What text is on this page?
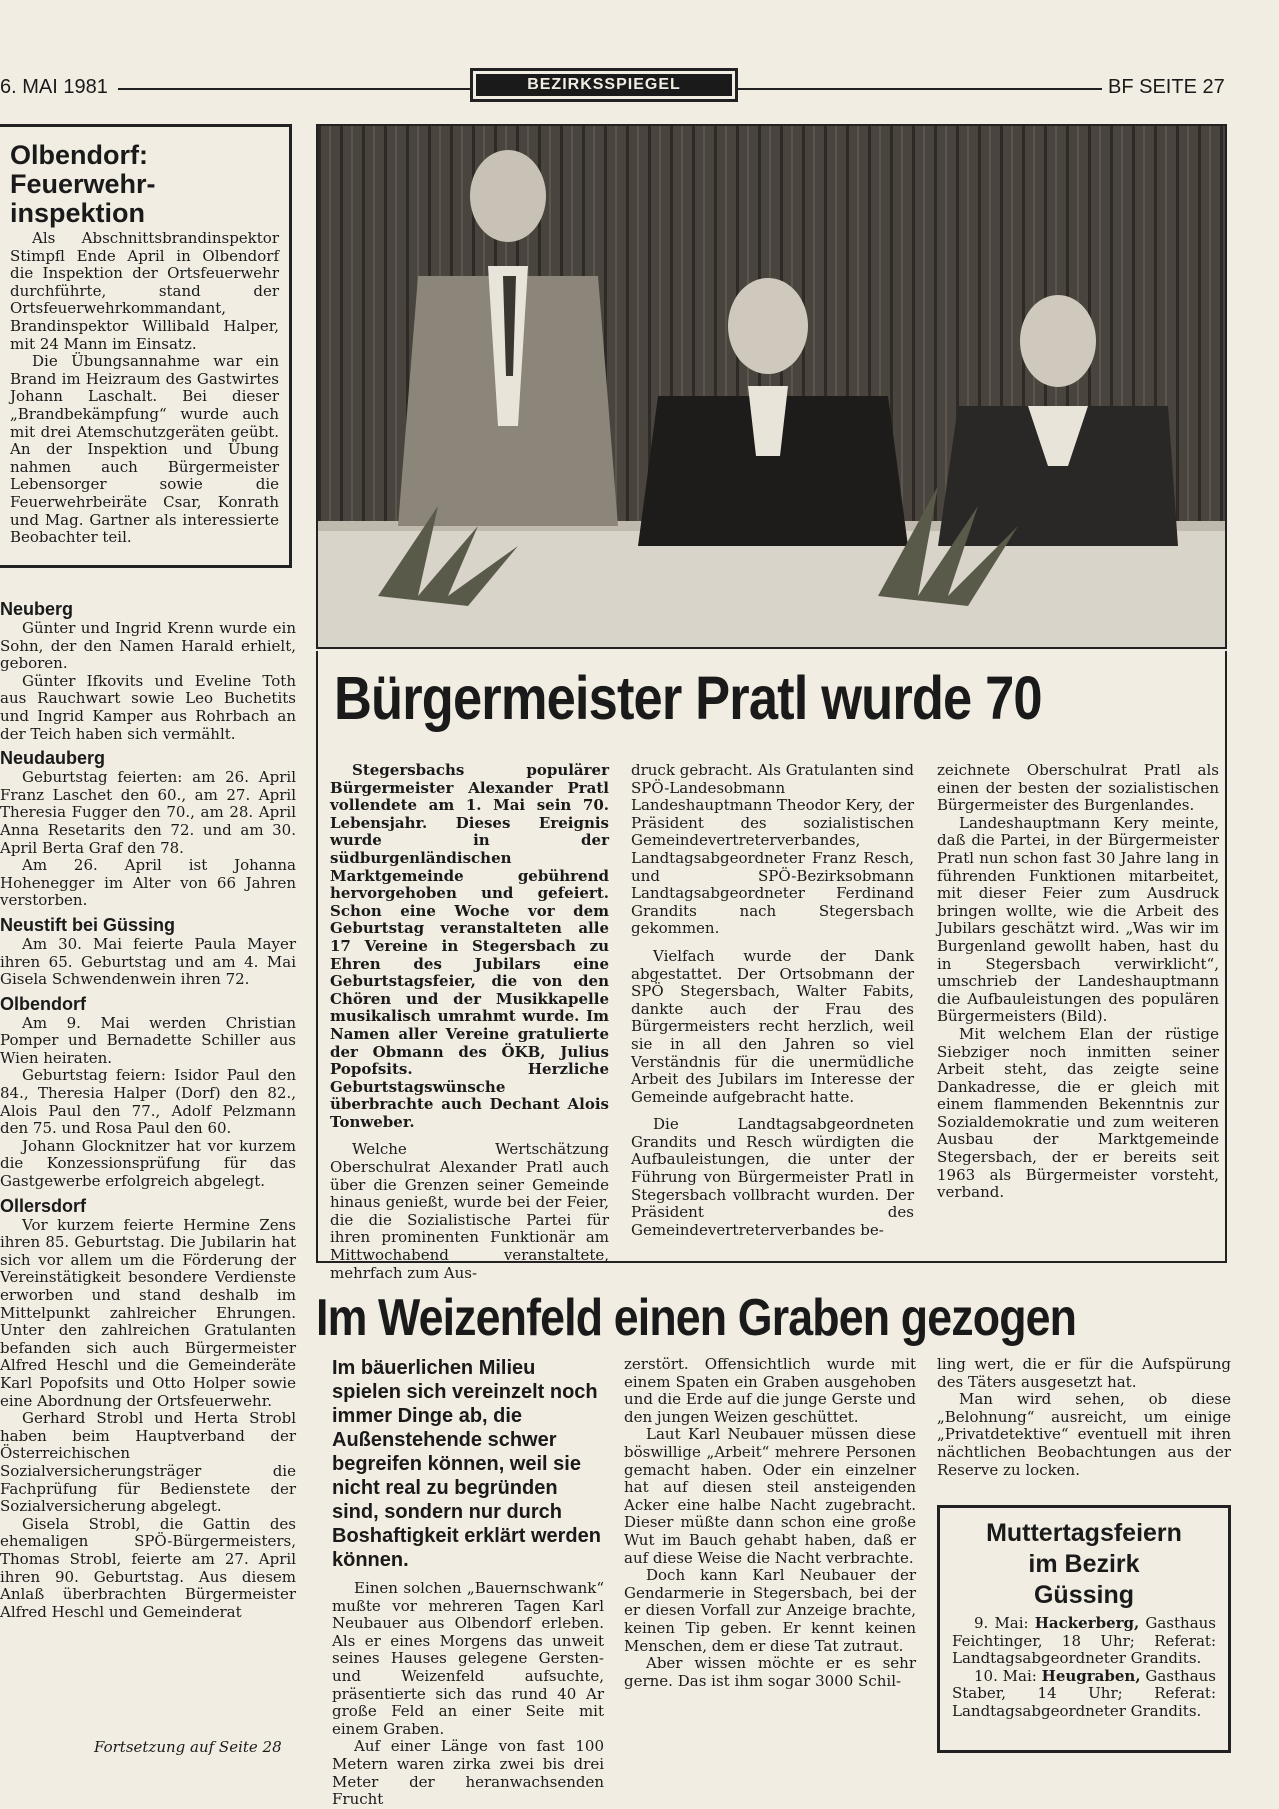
6. MAI 1981	BEZIRKSSPIEGEL	BF SEITE 27
Olbendorf:
Feuerwehr-
inspektion

Als Abschnittsbrandinspektor Stimpfl Ende April in Olbendorf die Inspektion der Ortsfeuerwehr durchführte, stand der Ortsfeuerwehrkommandant, Brandinspektor Willibald Halper, mit 24 Mann im Einsatz.

Die Übungsannahme war ein Brand im Heizraum des Gastwirtes Johann Laschalt. Bei dieser „Brandbekämpfung“ wurde auch mit drei Atemschutzgeräten geübt. An der Inspektion und Übung nahmen auch Bürgermeister Lebensorger sowie die Feuerwehrbeiräte Csar, Konrath und Mag. Gartner als interessierte Beobachter teil.

Neuberg

Günter und Ingrid Krenn wurde ein Sohn, der den Namen Harald erhielt, geboren.

Günter Ifkovits und Eveline Toth aus Rauchwart sowie Leo Buchetits und Ingrid Kamper aus Rohrbach an der Teich haben sich vermählt.

Neudauberg

Geburtstag feierten: am 26. April Franz Laschet den 60., am 27. April Theresia Fugger den 70., am 28. April Anna Resetarits den 72. und am 30. April Berta Graf den 78.

Am 26. April ist Johanna Hohenegger im Alter von 66 Jahren verstorben.

Neustift bei Güssing

Am 30. Mai feierte Paula Mayer ihren 65. Geburtstag und am 4. Mai Gisela Schwendenwein ihren 72.

Olbendorf

Am 9. Mai werden Christian Pomper und Bernadette Schiller aus Wien heiraten.

Geburtstag feiern: Isidor Paul den 84., Theresia Halper (Dorf) den 82., Alois Paul den 77., Adolf Pelzmann den 75. und Rosa Paul den 60.

Johann Glocknitzer hat vor kurzem die Konzessionsprüfung für das Gastgewerbe erfolgreich abgelegt.

Ollersdorf

Vor kurzem feierte Hermine Zens ihren 85. Geburtstag. Die Jubilarin hat sich vor allem um die Förderung der Vereinstätigkeit besondere Verdienste erworben und stand deshalb im Mittelpunkt zahlreicher Ehrungen. Unter den zahlreichen Gratulanten befanden sich auch Bürgermeister Alfred Heschl und die Gemeinderäte Karl Popofsits und Otto Holper sowie eine Abordnung der Ortsfeuerwehr.

Gerhard Strobl und Herta Strobl haben beim Hauptverband der Österreichischen Sozialversicherungsträger die Fachprüfung für Bedienstete der Sozialversicherung abgelegt.

Gisela Strobl, die Gattin des ehemaligen SPÖ-Bürgermeisters, Thomas Strobl, feierte am 27. April ihren 90. Geburtstag. Aus diesem Anlaß überbrachten Bürgermeister Alfred Heschl und Gemeinderat

Fortsetzung auf Seite 28
Bürgermeister Pratl wurde 70

Stegersbachs populärer Bürgermeister Alexander Pratl vollendete am 1. Mai sein 70. Lebensjahr. Dieses Ereignis wurde in der südburgenländischen Marktgemeinde gebührend hervorgehoben und gefeiert. Schon eine Woche vor dem Geburtstag veranstalteten alle 17 Vereine in Stegersbach zu Ehren des Jubilars eine Geburtstagsfeier, die von den Chören und der Musikkapelle musikalisch umrahmt wurde. Im Namen aller Vereine gratulierte der Obmann des ÖKB, Julius Popofsits. Herzliche Geburtstagswünsche überbrachte auch Dechant Alois Tonweber.

Welche Wertschätzung Oberschulrat Alexander Pratl auch über die Grenzen seiner Gemeinde hinaus genießt, wurde bei der Feier, die die Sozialistische Partei für ihren prominenten Funktionär am Mittwochabend veranstaltete, mehrfach zum Aus-

druck gebracht. Als Gratulanten sind SPÖ-Landesobmann Landeshauptmann Theodor Kery, der Präsident des sozialistischen Gemeindevertreterverbandes, Landtagsabgeordneter Franz Resch, und SPÖ-Bezirksobmann Landtagsabgeordneter Ferdinand Grandits nach Stegersbach gekommen.

Vielfach wurde der Dank abgestattet. Der Ortsobmann der SPÖ Stegersbach, Walter Fabits, dankte auch der Frau des Bürgermeisters recht herzlich, weil sie in all den Jahren so viel Verständnis für die unermüdliche Arbeit des Jubilars im Interesse der Gemeinde aufgebracht hatte.

Die Landtagsabgeordneten Grandits und Resch würdigten die Aufbauleistungen, die unter der Führung von Bürgermeister Pratl in Stegersbach vollbracht wurden. Der Präsident des Gemeindevertreterverbandes be-

zeichnete Oberschulrat Pratl als einen der besten der sozialistischen Bürgermeister des Burgenlandes.

Landeshauptmann Kery meinte, daß die Partei, in der Bürgermeister Pratl nun schon fast 30 Jahre lang in führenden Funktionen mitarbeitet, mit dieser Feier zum Ausdruck bringen wollte, wie die Arbeit des Jubilars geschätzt wird. „Was wir im Burgenland gewollt haben, hast du in Stegersbach verwirklicht“, umschrieb der Landeshauptmann die Aufbauleistungen des populären Bürgermeisters (Bild).

Mit welchem Elan der rüstige Siebziger noch inmitten seiner Arbeit steht, das zeigte seine Dankadresse, die er gleich mit einem flammenden Bekenntnis zur Sozialdemokratie und zum weiteren Ausbau der Marktgemeinde Stegersbach, der er bereits seit 1963 als Bürgermeister vorsteht, verband.

Im Weizenfeld einen Graben gezogen

Im bäuerlichen Milieu spielen sich vereinzelt noch immer Dinge ab, die Außenstehende schwer begreifen können, weil sie nicht real zu begründen sind, sondern nur durch Boshaftigkeit erklärt werden können.

Einen solchen „Bauernschwank“ mußte vor mehreren Tagen Karl Neubauer aus Olbendorf erleben. Als er eines Morgens das unweit seines Hauses gelegene Gersten- und Weizenfeld aufsuchte, präsentierte sich das rund 40 Ar große Feld an einer Seite mit einem Graben.

Auf einer Länge von fast 100 Metern waren zirka zwei bis drei Meter der heranwachsenden Frucht

zerstört. Offensichtlich wurde mit einem Spaten ein Graben ausgehoben und die Erde auf die junge Gerste und den jungen Weizen geschüttet.

Laut Karl Neubauer müssen diese böswillige „Arbeit“ mehrere Personen gemacht haben. Oder ein einzelner hat auf diesen steil ansteigenden Acker eine halbe Nacht zugebracht. Dieser müßte dann schon eine große Wut im Bauch gehabt haben, daß er auf diese Weise die Nacht verbrachte.

Doch kann Karl Neubauer der Gendarmerie in Stegersbach, bei der er diesen Vorfall zur Anzeige brachte, keinen Tip geben. Er kennt keinen Menschen, dem er diese Tat zutraut.

Aber wissen möchte er es sehr gerne. Das ist ihm sogar 3000 Schil-

ling wert, die er für die Aufspürung des Täters ausgesetzt hat.

Man wird sehen, ob diese „Belohnung“ ausreicht, um einige „Privatdetektive“ eventuell mit ihren nächtlichen Beobachtungen aus der Reserve zu locken.

Muttertagsfeiern
im Bezirk
Güssing

9. Mai: Hackerberg, Gasthaus Feichtinger, 18 Uhr; Referat: Landtagsabgeordneter Grandits.

10. Mai: Heugraben, Gasthaus Staber, 14 Uhr; Referat: Landtagsabgeordneter Grandits.
